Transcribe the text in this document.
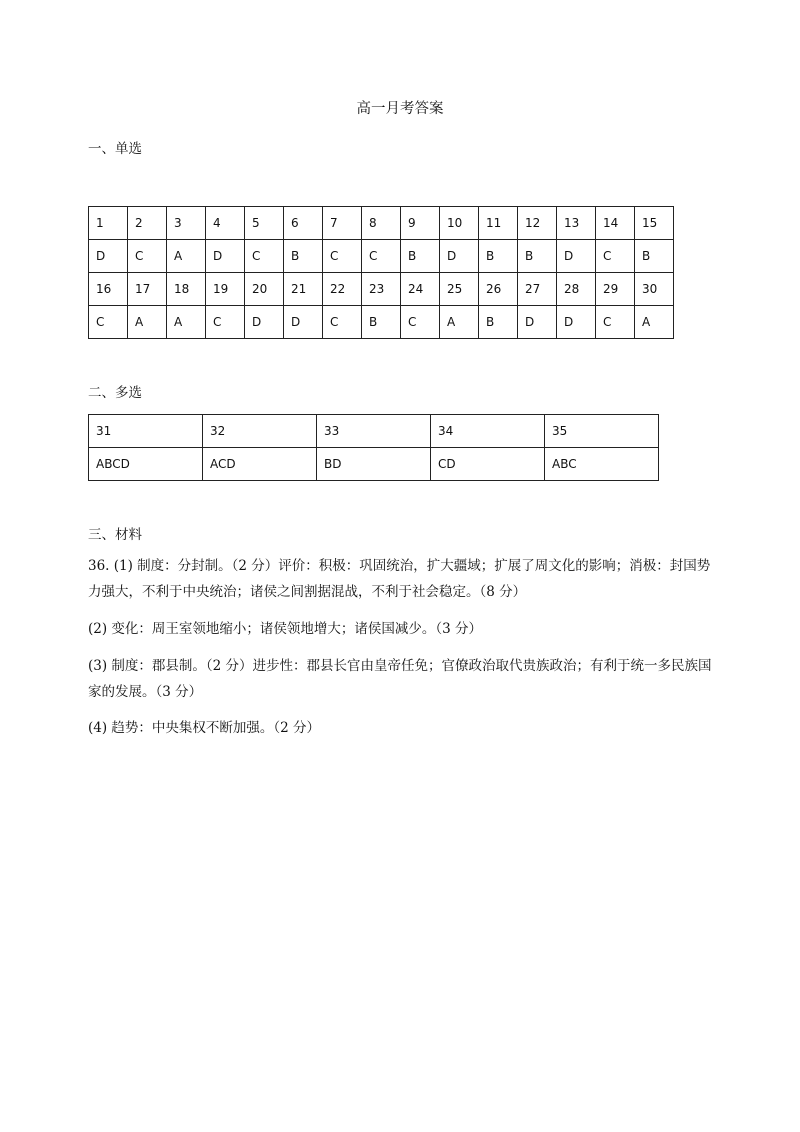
高一月考答案
一、单选
1	2	3	4	5	6	7	8	9	10	11	12	13	14	15
D	C	A	D	C	B	C	C	B	D	B	B	D	C	B
16	17	18	19	20	21	22	23	24	25	26	27	28	29	30
C	A	A	C	D	D	C	B	C	A	B	D	D	C	A
二、多选
31	32	33	34	35
ABCD	ACD	BD	CD	ABC
三、材料

36. (1) 制度：分封制。（2 分）评价：积极：巩固统治，扩大疆域；扩展了周文化的影响；消极：封国势力强大，不利于中央统治；诸侯之间割据混战，不利于社会稳定。（8 分）

(2) 变化：周王室领地缩小；诸侯领地增大；诸侯国减少。（3 分）

(3) 制度：郡县制。（2 分）进步性：郡县长官由皇帝任免；官僚政治取代贵族政治；有利于统一多民族国家的发展。（3 分）

(4) 趋势：中央集权不断加强。（2 分）
